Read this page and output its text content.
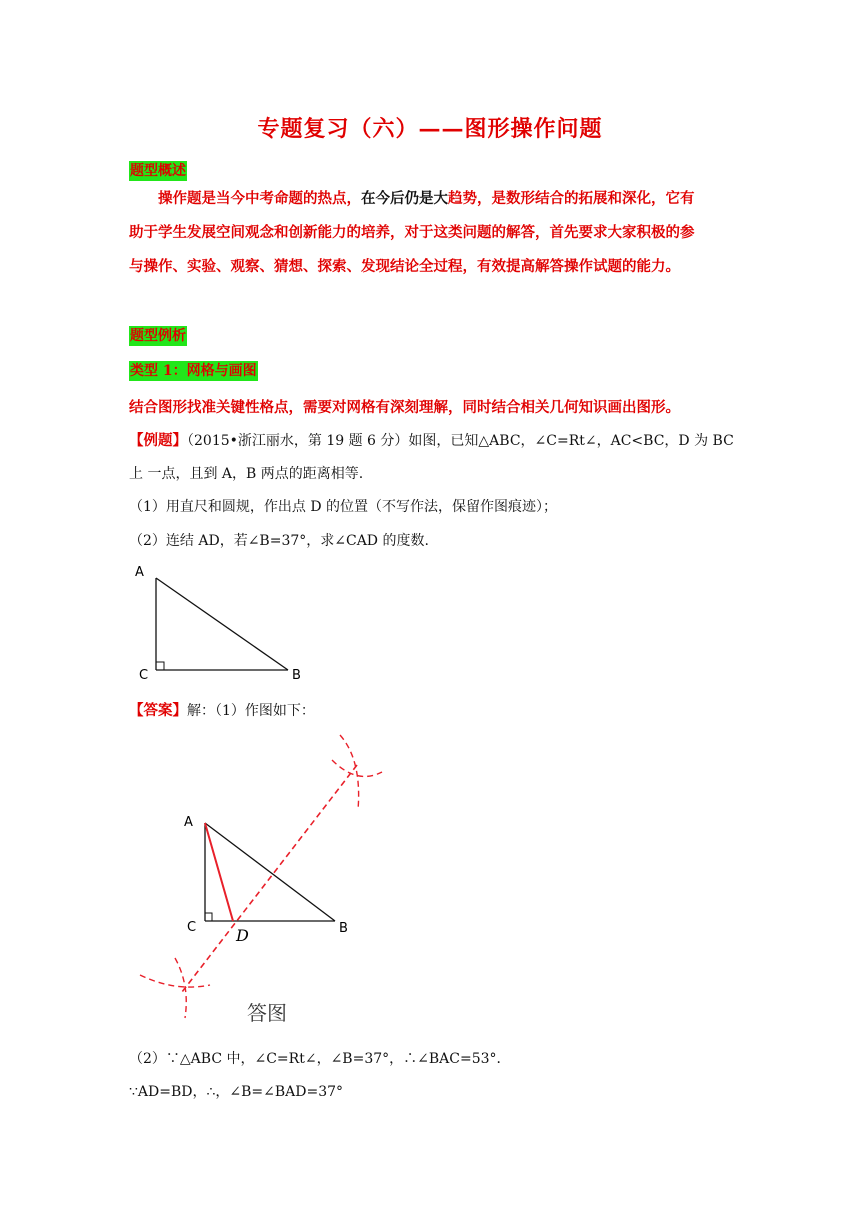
专题复习（六）——图形操作问题
题型概述
操作题是当今中考命题的热点，在今后仍是大趋势，是数形结合的拓展和深化，它有
助于学生发展空间观念和创新能力的培养，对于这类问题的解答，首先要求大家积极的参
与操作、实验、观察、猜想、探索、发现结论全过程，有效提高解答操作试题的能力。
题型例析
类型 1：网格与画图
结合图形找准关键性格点，需要对网格有深刻理解，同时结合相关几何知识画出图形。
【例题】（2015•浙江丽水，第 19 题 6 分）如图，已知△ABC，∠C=Rt∠，AC<BC，D 为 BC
上 一点，且到 A，B 两点的距离相等.
（1）用直尺和圆规，作出点 D 的位置（不写作法，保留作图痕迹）；
（2）连结 AD，若∠B=37°，求∠CAD 的度数.
A
C	B
【答案】解：（1）作图如下：
A
C	B
D
答图
（2）∵△ABC 中，∠C=Rt∠，∠B=37°，∴∠BAC=53°．
∵AD=BD，∴，∠B=∠BAD=37°
